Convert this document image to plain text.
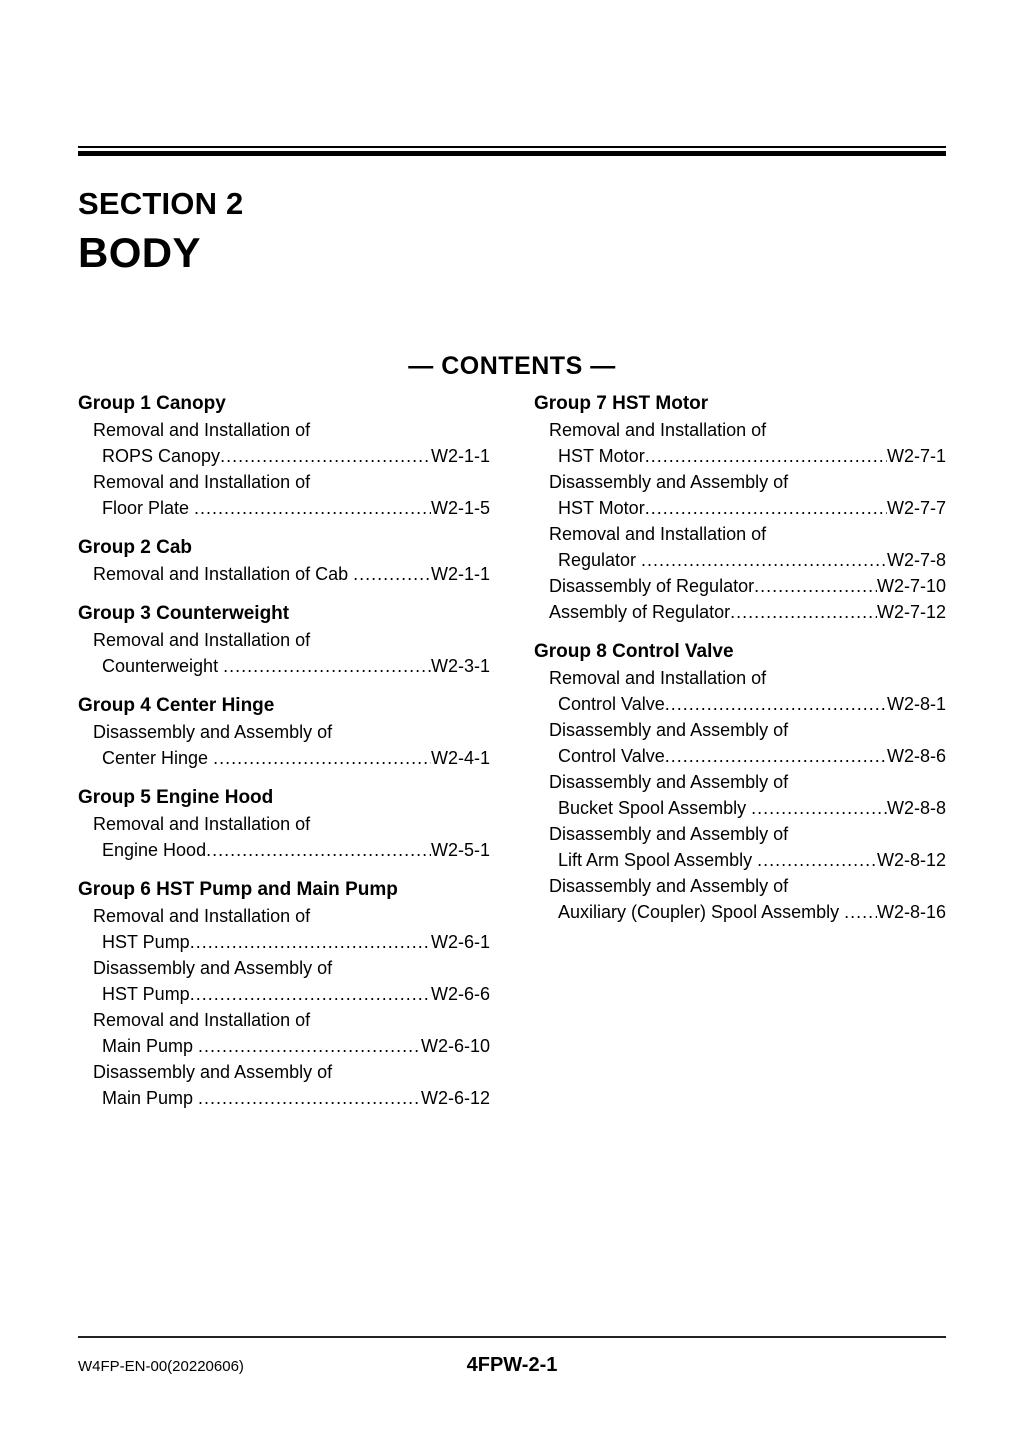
SECTION 2
BODY
— CONTENTS —
Group 1 Canopy
Removal and Installation of
ROPS Canopy .....	W2-1-1
Removal and Installation of
Floor Plate .....	W2-1-5
Group 2 Cab
Removal and Installation of Cab .....	W2-1-1
Group 3 Counterweight
Removal and Installation of
Counterweight .....	W2-3-1
Group 4 Center Hinge
Disassembly and Assembly of
Center Hinge .....	W2-4-1
Group 5 Engine Hood
Removal and Installation of
Engine Hood .....	W2-5-1
Group 6 HST Pump and Main Pump
Removal and Installation of
HST Pump .....	W2-6-1
Disassembly and Assembly of
HST Pump .....	W2-6-6
Removal and Installation of
Main Pump .....	W2-6-10
Disassembly and Assembly of
Main Pump .....	W2-6-12
Group 7 HST Motor
Removal and Installation of
HST Motor .....	W2-7-1
Disassembly and Assembly of
HST Motor .....	W2-7-7
Removal and Installation of
Regulator .....	W2-7-8
Disassembly of Regulator .....	W2-7-10
Assembly of Regulator .....	W2-7-12
Group 8 Control Valve
Removal and Installation of
Control Valve .....	W2-8-1
Disassembly and Assembly of
Control Valve .....	W2-8-6
Disassembly and Assembly of
Bucket Spool Assembly .....	W2-8-8
Disassembly and Assembly of
Lift Arm Spool Assembly .....	W2-8-12
Disassembly and Assembly of
Auxiliary (Coupler) Spool Assembly ..... W2-8-16
W4FP-EN-00(20220606)	4FPW-2-1
